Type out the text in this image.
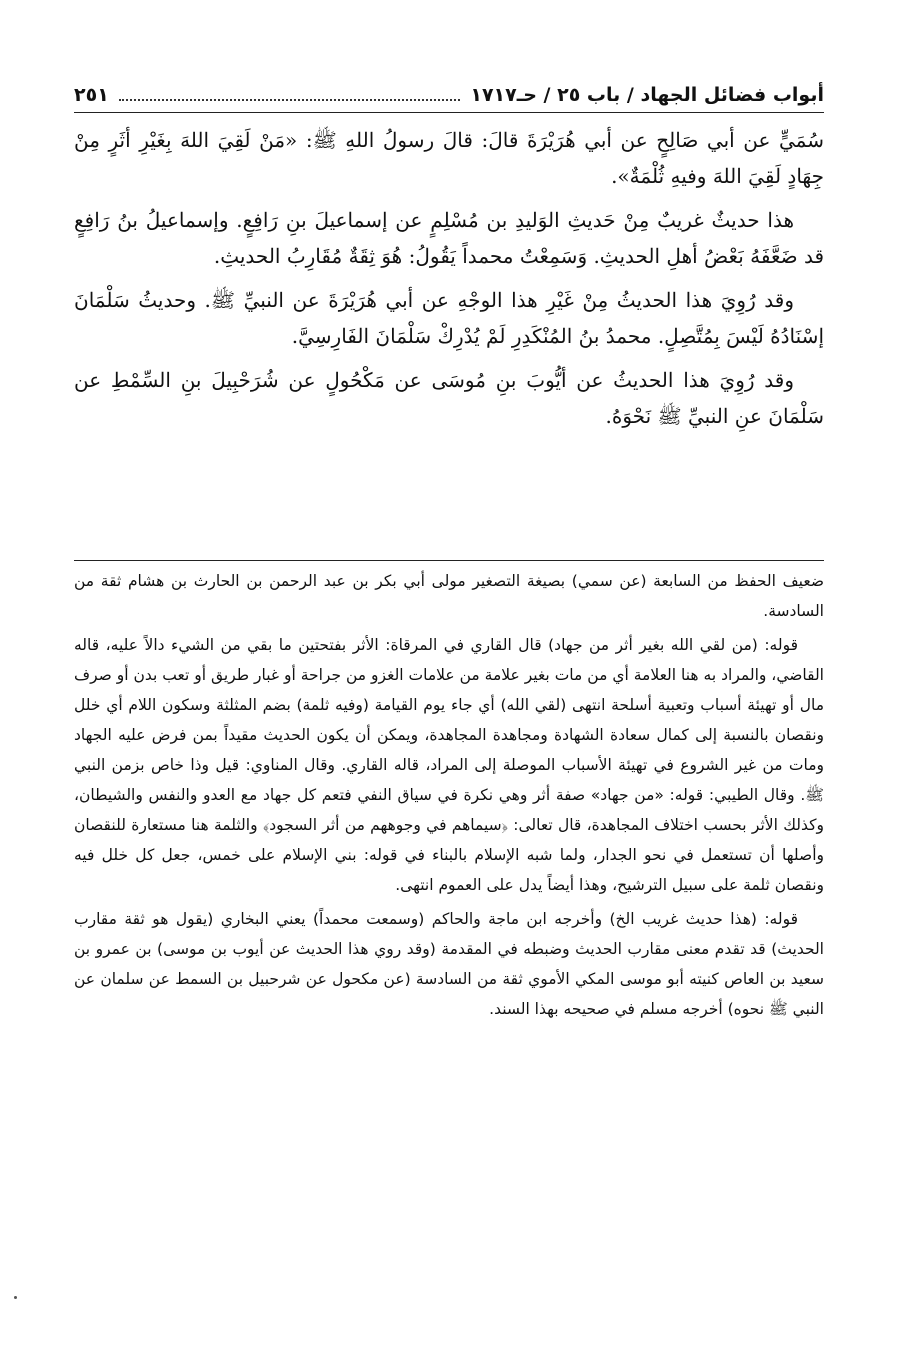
أبواب فضائل الجهاد / باب ٢٥ / حـ١٧١٧
٢٥١

سُمَيٍّ عن أبي صَالِحٍ عن أبي هُرَيْرَةَ قالَ: قالَ رسولُ اللهِ ﷺ: «مَنْ لَقِيَ اللهَ بِغَيْرِ أثَرٍ مِنْ جِهَادٍ لَقِيَ اللهَ وفيهِ ثُلْمَةٌ».

هذا حديثٌ غريبٌ مِنْ حَديثِ الوَليدِ بن مُسْلِمٍ عن إسماعيلَ بنِ رَافِعٍ. وإسماعيلُ بنُ رَافِعٍ قد ضَعَّفَهُ بَعْضُ أهلِ الحديثِ. وَسَمِعْتُ محمداً يَقُولُ: هُوَ ثِقَةٌ مُقَارِبُ الحديثِ.

وقد رُوِيَ هذا الحديثُ مِنْ غَيْرِ هذا الوجْهِ عن أبي هُرَيْرَةَ عن النبيِّ ﷺ. وحديثُ سَلْمَانَ إسْنَادُهُ لَيْسَ بِمُتَّصِلٍ. محمدُ بنُ المُنْكَدِرِ لَمْ يُدْرِكْ سَلْمَانَ الفَارِسِيَّ.

وقد رُوِيَ هذا الحديثُ عن أيُّوبَ بنِ مُوسَى عن مَكْحُولٍ عن شُرَحْبِيلَ بنِ السِّمْطِ عن سَلْمَانَ عنِ النبيِّ ﷺ نَحْوَهُ.

ضعيف الحفظ من السابعة (عن سمي) بصيغة التصغير مولى أبي بكر بن عبد الرحمن بن الحارث بن هشام ثقة من السادسة.

قوله: (من لقي الله بغير أثر من جهاد) قال القاري في المرقاة: الأثر بفتحتين ما بقي من الشيء دالاً عليه، قاله القاضي، والمراد به هنا العلامة أي من مات بغير علامة من علامات الغزو من جراحة أو غبار طريق أو تعب بدن أو صرف مال أو تهيئة أسباب وتعبية أسلحة انتهى (لقي الله) أي جاء يوم القيامة (وفيه ثلمة) بضم المثلثة وسكون اللام أي خلل ونقصان بالنسبة إلى كمال سعادة الشهادة ومجاهدة المجاهدة، ويمكن أن يكون الحديث مقيداً بمن فرض عليه الجهاد ومات من غير الشروع في تهيئة الأسباب الموصلة إلى المراد، قاله القاري. وقال المناوي: قيل وذا خاص بزمن النبي ﷺ. وقال الطيبي: قوله: «من جهاد» صفة أثر وهي نكرة في سياق النفي فتعم كل جهاد مع العدو والنفس والشيطان، وكذلك الأثر بحسب اختلاف المجاهدة، قال تعالى: ﴿سيماهم في وجوههم من أثر السجود﴾ والثلمة هنا مستعارة للنقصان وأصلها أن تستعمل في نحو الجدار، ولما شبه الإسلام بالبناء في قوله: بني الإسلام على خمس، جعل كل خلل فيه ونقصان ثلمة على سبيل الترشيح، وهذا أيضاً يدل على العموم انتهى.

قوله: (هذا حديث غريب الخ) وأخرجه ابن ماجة والحاكم (وسمعت محمداً) يعني البخاري (يقول هو ثقة مقارب الحديث) قد تقدم معنى مقارب الحديث وضبطه في المقدمة (وقد روي هذا الحديث عن أيوب بن موسى) بن عمرو بن سعيد بن العاص كنيته أبو موسى المكي الأموي ثقة من السادسة (عن مكحول عن شرحبيل بن السمط عن سلمان عن النبي ﷺ نحوه) أخرجه مسلم في صحيحه بهذا السند.
